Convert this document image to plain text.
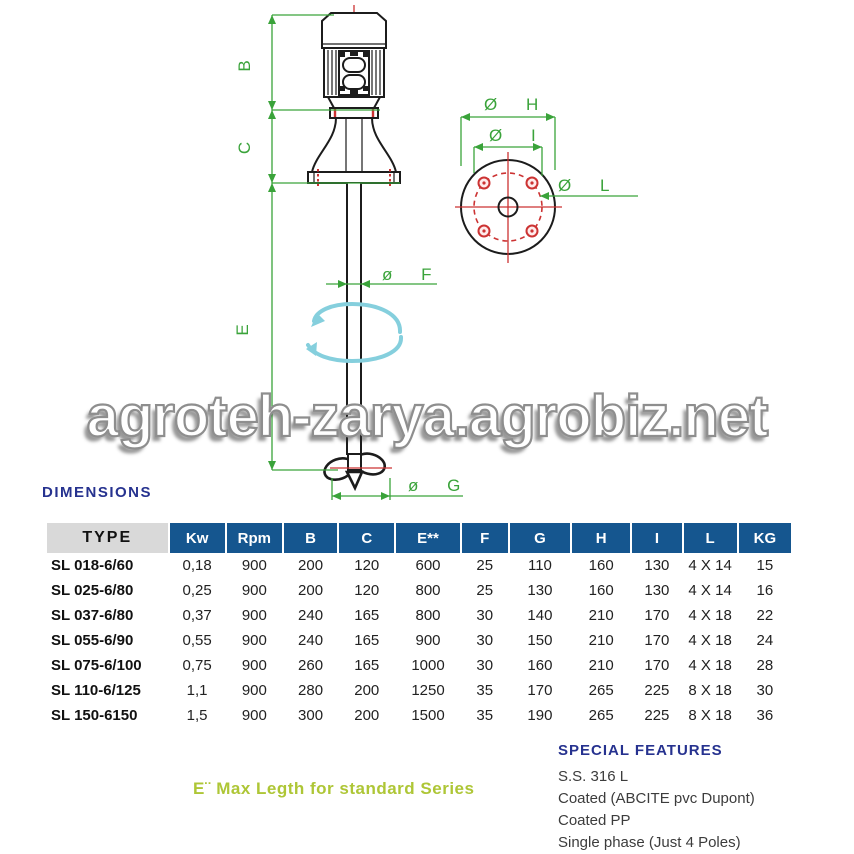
B
C
E
ø F
ø G
Ø H
Ø I
Ø L
agroteh-zarya.agrobiz.net
DIMENSIONS
TYPE	Kw	Rpm	B	C	E**	F	G	H	I	L	KG
SL 018-6/60	0,18	900	200	120	600	25	110	160	130	4 X 14	15
SL 025-6/80	0,25	900	200	120	800	25	130	160	130	4 X 14	16
SL 037-6/80	0,37	900	240	165	800	30	140	210	170	4 X 18	22
SL 055-6/90	0,55	900	240	165	900	30	150	210	170	4 X 18	24
SL 075-6/100	0,75	900	260	165	1000	30	160	210	170	4 X 18	28
SL 110-6/125	1,1	900	280	200	1250	35	170	265	225	8 X 18	30
SL 150-6150	1,5	900	300	200	1500	35	190	265	225	8 X 18	36
E¨ Max Legth for standard Series
SPECIAL FEATURES
S.S. 316 L
Coated (ABCITE pvc Dupont)
Coated PP
Single phase (Just 4 Poles)
